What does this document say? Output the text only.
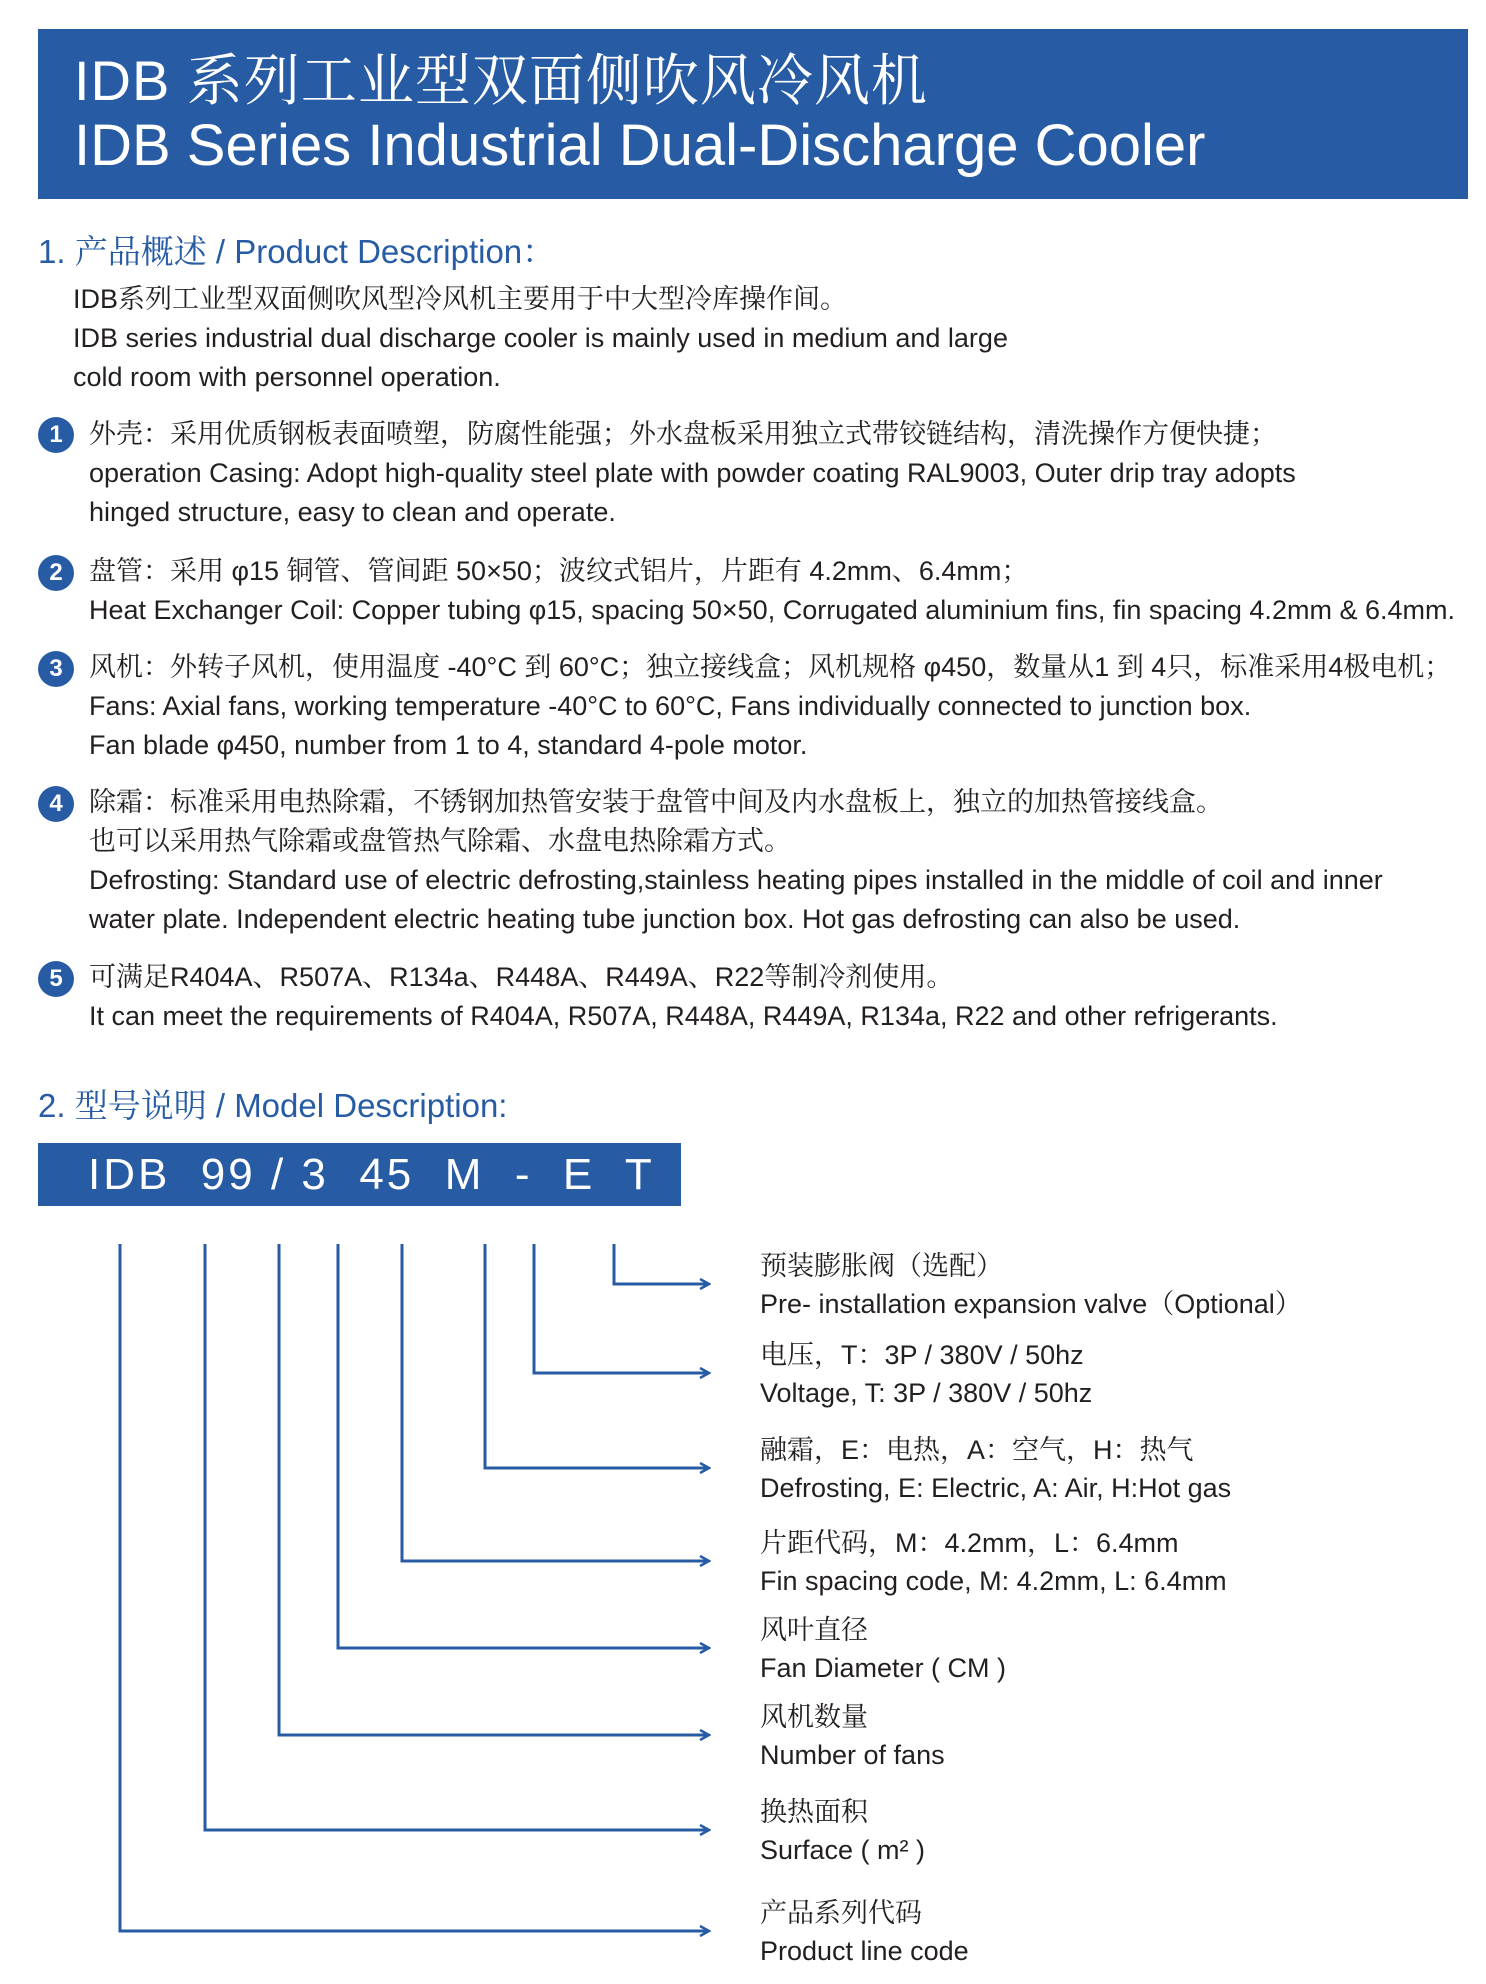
IDB 系列工业型双面侧吹风冷风机
IDB Series Industrial Dual-Discharge Cooler
1. 产品概述 / Product Description：
IDB系列工业型双面侧吹风型冷风机主要用于中大型冷库操作间。
IDB series industrial dual discharge cooler is mainly used in medium and large
cold room with personnel operation.
1 外壳：采用优质钢板表面喷塑，防腐性能强；外水盘板采用独立式带铰链结构，清洗操作方便快捷；
operation Casing: Adopt high-quality steel plate with powder coating RAL9003, Outer drip tray adopts
hinged structure, easy to clean and operate.
2 盘管：采用 φ15 铜管、管间距 50×50；波纹式铝片，片距有 4.2mm、6.4mm；
Heat Exchanger Coil: Copper tubing φ15, spacing 50×50, Corrugated aluminium fins, fin spacing 4.2mm & 6.4mm.
3 风机：外转子风机，使用温度 -40°C 到 60°C；独立接线盒；风机规格 φ450，数量从1 到 4只，标准采用4极电机；
Fans: Axial fans, working temperature -40°C to 60°C, Fans individually connected to junction box.
Fan blade φ450, number from 1 to 4, standard 4-pole motor.
4 除霜：标准采用电热除霜，不锈钢加热管安装于盘管中间及内水盘板上，独立的加热管接线盒。
也可以采用热气除霜或盘管热气除霜、水盘电热除霜方式。
Defrosting: Standard use of electric defrosting,stainless heating pipes installed in the middle of coil and inner
water plate. Independent electric heating tube junction box. Hot gas defrosting can also be used.
5 可满足R404A、R507A、R134a、R448A、R449A、R22等制冷剂使用。
It can meet the requirements of R404A, R507A, R448A, R449A, R134a, R22 and other refrigerants.
2. 型号说明 / Model Description:
IDB  99 / 3  45  M  -  E  T  -  V
预装膨胀阀（选配）
Pre- installation expansion valve（Optional）
电压，T：3P / 380V / 50hz
Voltage, T: 3P / 380V / 50hz
融霜，E：电热，A：空气，H：热气
Defrosting, E: Electric, A: Air, H:Hot gas
片距代码，M：4.2mm，L：6.4mm
Fin spacing code, M: 4.2mm, L: 6.4mm
风叶直径
Fan Diameter ( CM )
风机数量
Number of fans
换热面积
Surface ( m² )
产品系列代码
Product line code
